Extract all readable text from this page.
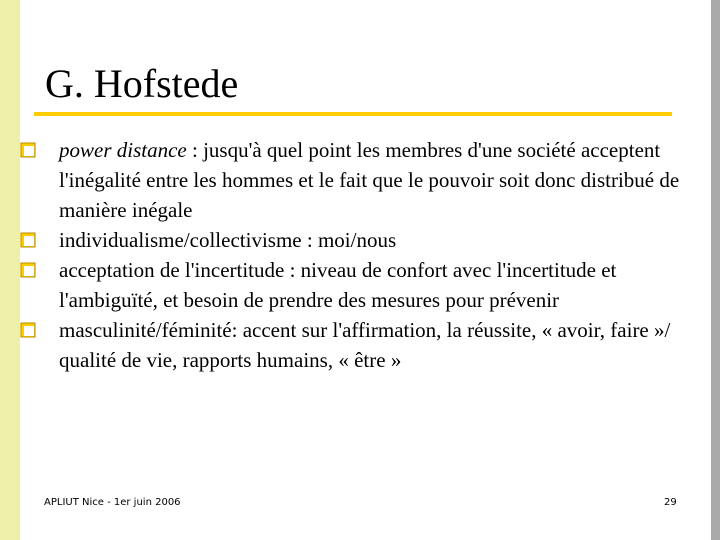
G. Hofstede

power distance : jusqu'à quel point les membres d'une société acceptent l'inégalité entre les hommes et le fait que le pouvoir soit donc distribué de manière inégale

individualisme/collectivisme : moi/nous

acceptation de l'incertitude : niveau de confort avec l'incertitude et l'ambiguïté, et besoin de prendre des mesures pour prévenir

masculinité/féminité: accent sur l'affirmation, la réussite, « avoir, faire »/ qualité de vie, rapports humains, « être »

APLIUT Nice - 1er juin 2006	29
